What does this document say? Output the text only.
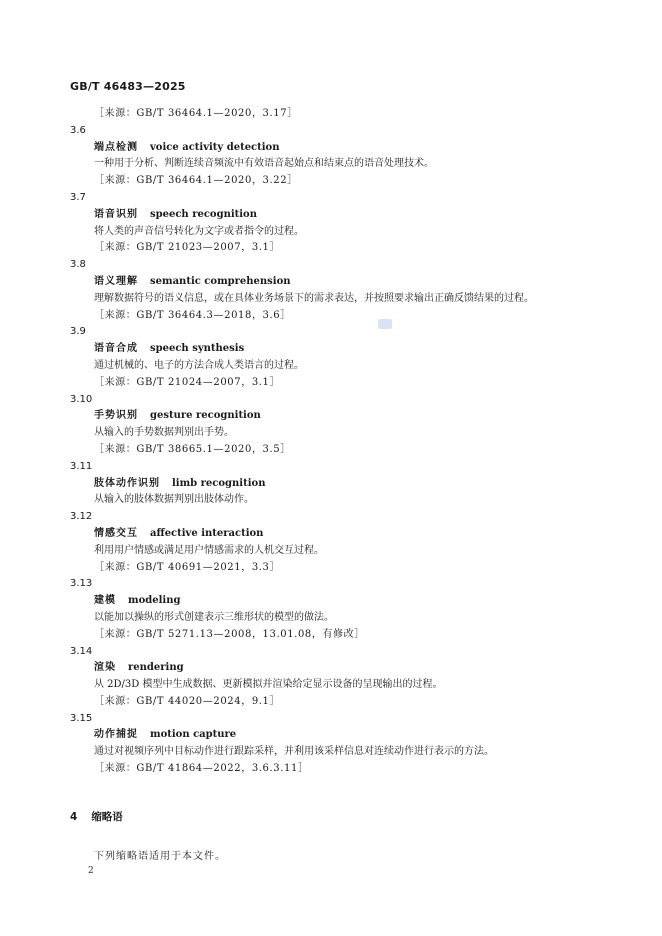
GB/T 46483—2025
［来源：GB/T 36464.1—2020，3.17］
3.6
端点检测 voice activity detection
一种用于分析、判断连续音频流中有效语音起始点和结束点的语音处理技术。
［来源：GB/T 36464.1—2020，3.22］
3.7
语音识别 speech recognition
将人类的声音信号转化为文字或者指令的过程。
［来源：GB/T 21023—2007，3.1］
3.8
语义理解 semantic comprehension
理解数据符号的语义信息，或在具体业务场景下的需求表达，并按照要求输出正确反馈结果的过程。
［来源：GB/T 36464.3—2018，3.6］
3.9
语音合成 speech synthesis
通过机械的、电子的方法合成人类语言的过程。
［来源：GB/T 21024—2007，3.1］
3.10
手势识别 gesture recognition
从输入的手势数据判别出手势。
［来源：GB/T 38665.1—2020，3.5］
3.11
肢体动作识别 limb recognition
从输入的肢体数据判别出肢体动作。
3.12
情感交互 affective interaction
利用用户情感或满足用户情感需求的人机交互过程。
［来源：GB/T 40691—2021，3.3］
3.13
建模 modeling
以能加以操纵的形式创建表示三维形状的模型的做法。
［来源：GB/T 5271.13—2008，13.01.08，有修改］
3.14
渲染 rendering
从 2D/3D 模型中生成数据、更新模拟并渲染给定显示设备的呈现输出的过程。
［来源：GB/T 44020—2024，9.1］
3.15
动作捕捉 motion capture
通过对视频序列中目标动作进行跟踪采样，并利用该采样信息对连续动作进行表示的方法。
［来源：GB/T 41864—2022，3.6.3.11］
4 缩略语
下列缩略语适用于本文件。
2
